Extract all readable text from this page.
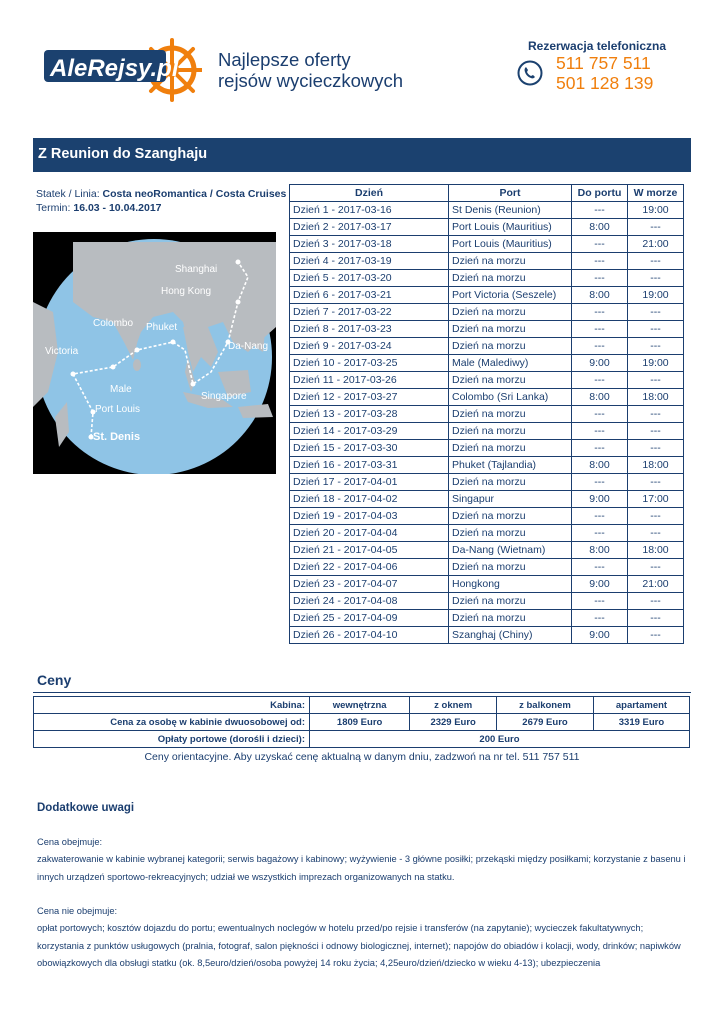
AleRejsy.pl Najlepsze oferty
rejsów wycieczkowych
Rezerwacja telefoniczna
511 757 511
501 128 139
Z Reunion do Szanghaju
Statek / Linia: Costa neoRomantica / Costa Cruises
Termin: 16.03 - 10.04.2017
Shanghai
Hong Kong
Colombo Phuket
Da-Nang
Victoria
Male
Singapore
Port Louis
St. Denis
Dzień	Port	Do portu	W morze
Dzień 1 - 2017-03-16	St Denis (Reunion)	---	19:00
Dzień 2 - 2017-03-17	Port Louis (Mauritius)	8:00	---
Dzień 3 - 2017-03-18	Port Louis (Mauritius)	---	21:00
Dzień 4 - 2017-03-19	Dzień na morzu	---	---
Dzień 5 - 2017-03-20	Dzień na morzu	---	---
Dzień 6 - 2017-03-21	Port Victoria (Seszele)	8:00	19:00
Dzień 7 - 2017-03-22	Dzień na morzu	---	---
Dzień 8 - 2017-03-23	Dzień na morzu	---	---
Dzień 9 - 2017-03-24	Dzień na morzu	---	---
Dzień 10 - 2017-03-25	Male (Malediwy)	9:00	19:00
Dzień 11 - 2017-03-26	Dzień na morzu	---	---
Dzień 12 - 2017-03-27	Colombo (Sri Lanka)	8:00	18:00
Dzień 13 - 2017-03-28	Dzień na morzu	---	---
Dzień 14 - 2017-03-29	Dzień na morzu	---	---
Dzień 15 - 2017-03-30	Dzień na morzu	---	---
Dzień 16 - 2017-03-31	Phuket (Tajlandia)	8:00	18:00
Dzień 17 - 2017-04-01	Dzień na morzu	---	---
Dzień 18 - 2017-04-02	Singapur	9:00	17:00
Dzień 19 - 2017-04-03	Dzień na morzu	---	---
Dzień 20 - 2017-04-04	Dzień na morzu	---	---
Dzień 21 - 2017-04-05	Da-Nang (Wietnam)	8:00	18:00
Dzień 22 - 2017-04-06	Dzień na morzu	---	---
Dzień 23 - 2017-04-07	Hongkong	9:00	21:00
Dzień 24 - 2017-04-08	Dzień na morzu	---	---
Dzień 25 - 2017-04-09	Dzień na morzu	---	---
Dzień 26 - 2017-04-10	Szanghaj (Chiny)	9:00	---
Ceny
Kabina:	wewnętrzna	z oknem	z balkonem	apartament
Cena za osobę w kabinie dwuosobowej od:	1809 Euro	2329 Euro	2679 Euro	3319 Euro
Opłaty portowe (dorośli i dzieci):	200 Euro			
Ceny orientacyjne. Aby uzyskać cenę aktualną w danym dniu, zadzwoń na nr tel. 511 757 511
Dodatkowe uwagi
Cena obejmuje:
zakwaterowanie w kabinie wybranej kategorii; serwis bagażowy i kabinowy; wyżywienie - 3 główne posiłki; przekąski między posiłkami; korzystanie z basenu i innych urządzeń sportowo-rekreacyjnych; udział we wszystkich imprezach organizowanych na statku.
Cena nie obejmuje:
opłat portowych; kosztów dojazdu do portu; ewentualnych noclegów w hotelu przed/po rejsie i transferów (na zapytanie); wycieczek fakultatywnych; korzystania z punktów usługowych (pralnia, fotograf, salon piękności i odnowy biologicznej, internet); napojów do obiadów i kolacji, wody, drinków; napiwków obowiązkowych dla obsługi statku (ok. 8,5euro/dzień/osoba powyżej 14 roku życia; 4,25euro/dzień/dziecko w wieku 4-13); ubezpieczenia
